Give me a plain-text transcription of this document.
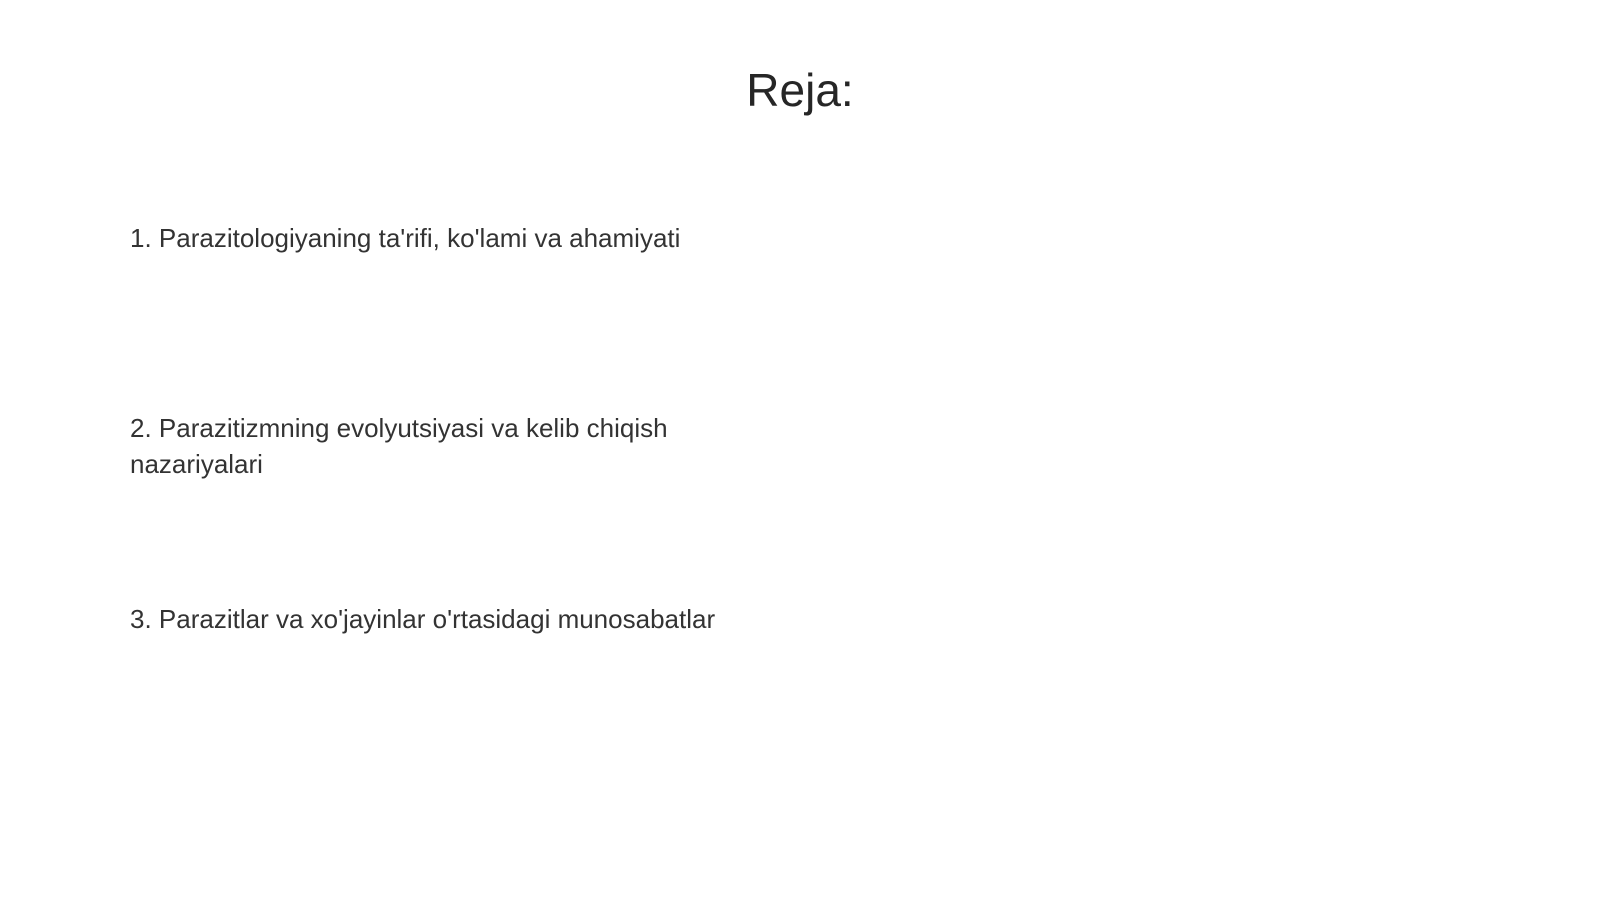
Reja:
1. Parazitologiyaning ta'rifi, ko'lami va ahamiyati
2. Parazitizmning evolyutsiyasi va kelib chiqish nazariyalari
3. Parazitlar va xo'jayinlar o'rtasidagi munosabatlar
